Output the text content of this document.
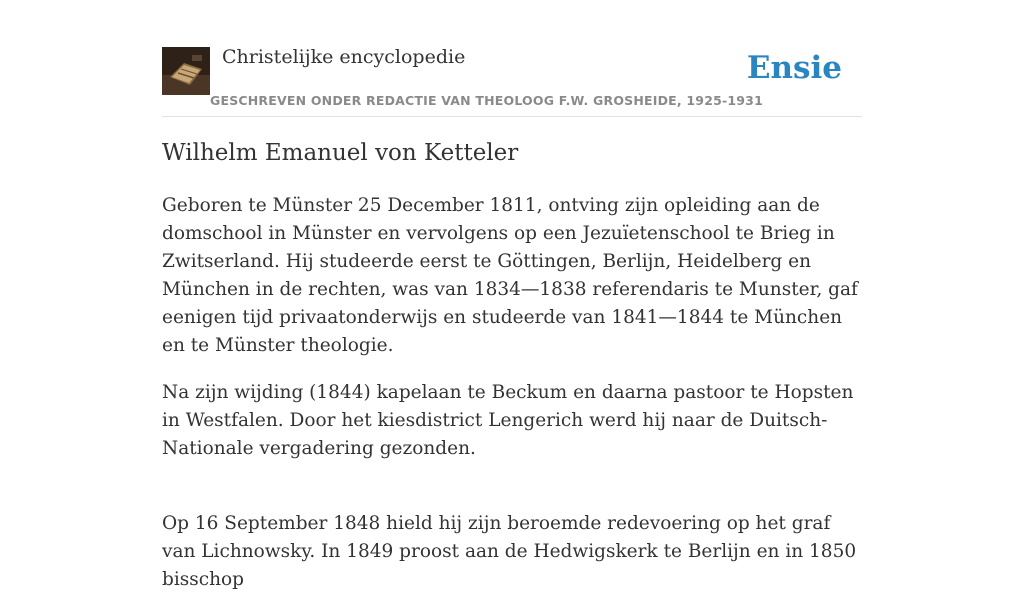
Christelijke encyclopedie
GESCHREVEN ONDER REDACTIE VAN THEOLOOG F.W. GROSHEIDE, 1925-1931
Ensie
Wilhelm Emanuel von Ketteler

Geboren te Münster 25 December 1811, ontving zijn opleiding aan de domschool in Münster en vervolgens op een Jezuïetenschool te Brieg in Zwitserland. Hij studeerde eerst te Göttingen, Berlijn, Heidelberg en München in de rechten, was van 1834—1838 referendaris te Munster, gaf eenigen tijd privaatonderwijs en studeerde van 1841—1844 te München en te Münster theologie.

Na zijn wijding (1844) kapelaan te Beckum en daarna pastoor te Hopsten in Westfalen. Door het kiesdistrict Lengerich werd hij naar de Duitsch-Nationale vergadering gezonden.

Op 16 September 1848 hield hij zijn beroemde redevoering op het graf van Lichnowsky. In 1849 proost aan de Hedwigskerk te Berlijn en in 1850 bisschop
